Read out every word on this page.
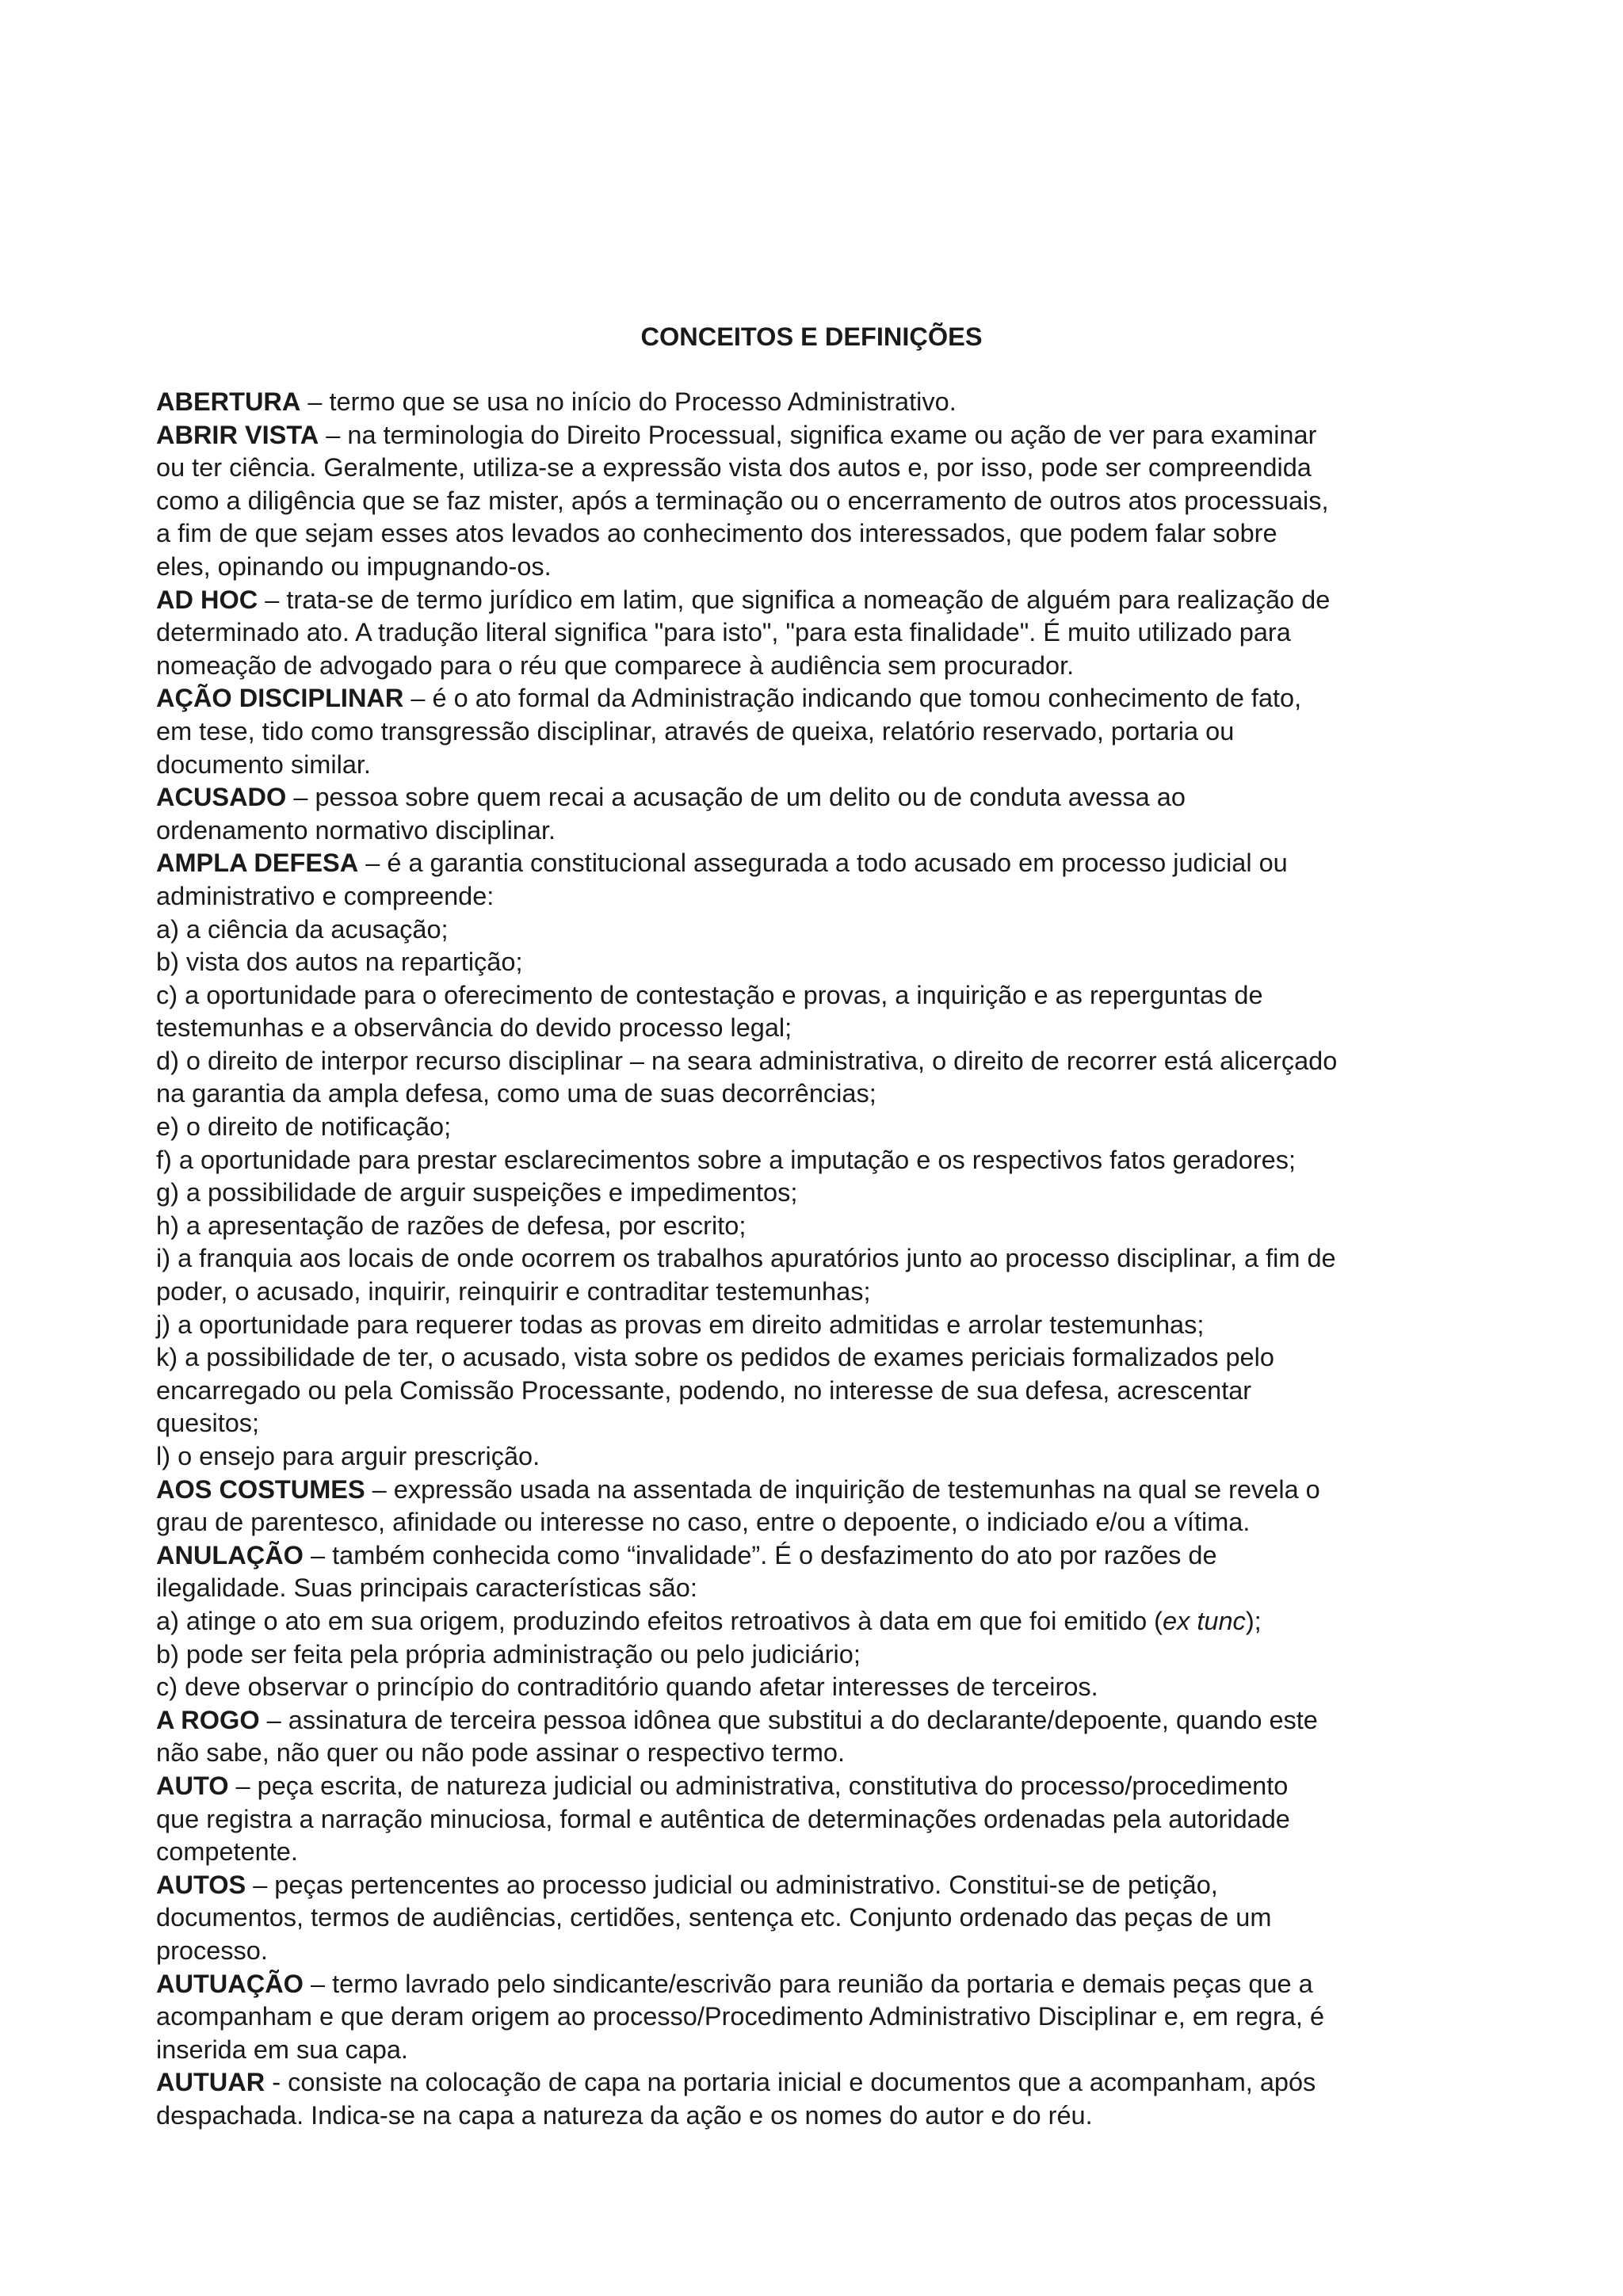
CONCEITOS E DEFINIÇÕES

ABERTURA – termo que se usa no início do Processo Administrativo.

ABRIR VISTA – na terminologia do Direito Processual, significa exame ou ação de ver para examinar

ou ter ciência. Geralmente, utiliza-se a expressão vista dos autos e, por isso, pode ser compreendida

como a diligência que se faz mister, após a terminação ou o encerramento de outros atos processuais,

a fim de que sejam esses atos levados ao conhecimento dos interessados, que podem falar sobre

eles, opinando ou impugnando-os.

AD HOC – trata-se de termo jurídico em latim, que significa a nomeação de alguém para realização de

determinado ato. A tradução literal significa "para isto", "para esta finalidade". É muito utilizado para

nomeação de advogado para o réu que comparece à audiência sem procurador.

AÇÃO DISCIPLINAR – é o ato formal da Administração indicando que tomou conhecimento de fato,

em tese, tido como transgressão disciplinar, através de queixa, relatório reservado, portaria ou

documento similar.

ACUSADO – pessoa sobre quem recai a acusação de um delito ou de conduta avessa ao

ordenamento normativo disciplinar.

AMPLA DEFESA – é a garantia constitucional assegurada a todo acusado em processo judicial ou

administrativo e compreende:

a) a ciência da acusação;

b) vista dos autos na repartição;

c) a oportunidade para o oferecimento de contestação e provas, a inquirição e as reperguntas de

testemunhas e a observância do devido processo legal;

d) o direito de interpor recurso disciplinar – na seara administrativa, o direito de recorrer está alicerçado

na garantia da ampla defesa, como uma de suas decorrências;

e) o direito de notificação;

f) a oportunidade para prestar esclarecimentos sobre a imputação e os respectivos fatos geradores;

g) a possibilidade de arguir suspeições e impedimentos;

h) a apresentação de razões de defesa, por escrito;

i) a franquia aos locais de onde ocorrem os trabalhos apuratórios junto ao processo disciplinar, a fim de

poder, o acusado, inquirir, reinquirir e contraditar testemunhas;

j) a oportunidade para requerer todas as provas em direito admitidas e arrolar testemunhas;

k) a possibilidade de ter, o acusado, vista sobre os pedidos de exames periciais formalizados pelo

encarregado ou pela Comissão Processante, podendo, no interesse de sua defesa, acrescentar

quesitos;

l) o ensejo para arguir prescrição.

AOS COSTUMES – expressão usada na assentada de inquirição de testemunhas na qual se revela o

grau de parentesco, afinidade ou interesse no caso, entre o depoente, o indiciado e/ou a vítima.

ANULAÇÃO – também conhecida como “invalidade”. É o desfazimento do ato por razões de

ilegalidade. Suas principais características são:

a) atinge o ato em sua origem, produzindo efeitos retroativos à data em que foi emitido (ex tunc);

b) pode ser feita pela própria administração ou pelo judiciário;

c) deve observar o princípio do contraditório quando afetar interesses de terceiros.

A ROGO – assinatura de terceira pessoa idônea que substitui a do declarante/depoente, quando este

não sabe, não quer ou não pode assinar o respectivo termo.

AUTO – peça escrita, de natureza judicial ou administrativa, constitutiva do processo/procedimento

que registra a narração minuciosa, formal e autêntica de determinações ordenadas pela autoridade

competente.

AUTOS – peças pertencentes ao processo judicial ou administrativo. Constitui-se de petição,

documentos, termos de audiências, certidões, sentença etc. Conjunto ordenado das peças de um

processo.

AUTUAÇÃO – termo lavrado pelo sindicante/escrivão para reunião da portaria e demais peças que a

acompanham e que deram origem ao processo/Procedimento Administrativo Disciplinar e, em regra, é

inserida em sua capa.

AUTUAR - consiste na colocação de capa na portaria inicial e documentos que a acompanham, após

despachada. Indica-se na capa a natureza da ação e os nomes do autor e do réu.
